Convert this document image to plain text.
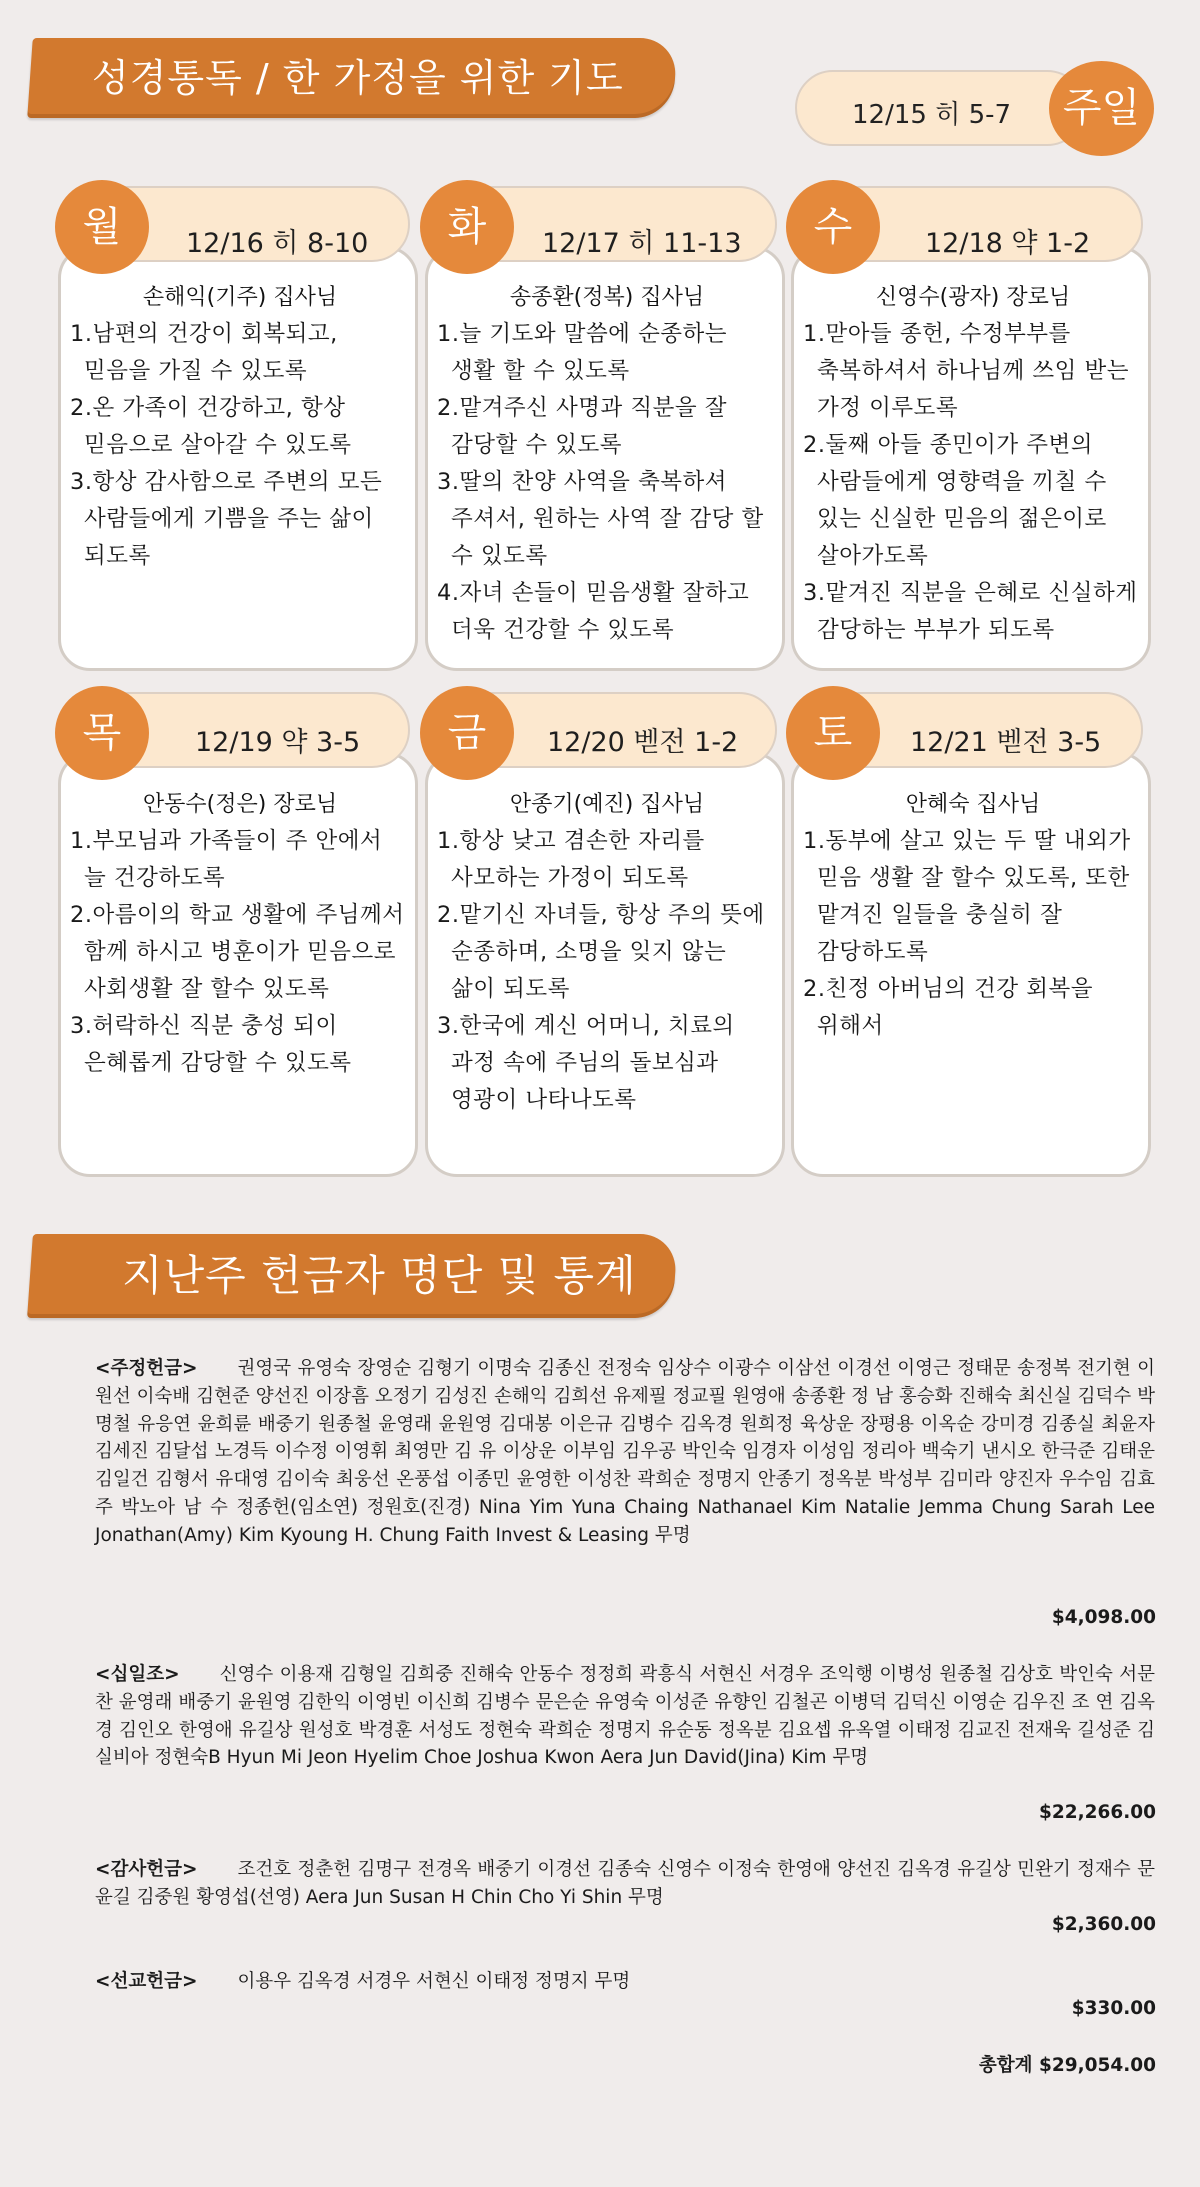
성경통독 / 한 가정을 위한 기도
12/15 히 5-7	주일
월	12/16 히 8-10
손해익(기주) 집사님
1.남편의 건강이 회복되고, 믿음을 가질 수 있도록
2.온 가족이 건강하고, 항상 믿음으로 살아갈 수 있도록
3.항상 감사함으로 주변의 모든 사람들에게 기쁨을 주는 삶이 되도록
화	12/17 히 11-13
송종환(정복) 집사님
1.늘 기도와 말씀에 순종하는 생활 할 수 있도록
2.맡겨주신 사명과 직분을 잘 감당할 수 있도록
3.딸의 찬양 사역을 축복하셔 주셔서, 원하는 사역 잘 감당 할 수 있도록
4.자녀 손들이 믿음생활 잘하고 더욱 건강할 수 있도록
수	12/18 약 1-2
신영수(광자) 장로님
1.맏아들 종헌, 수정부부를 축복하셔서 하나님께 쓰임 받는 가정 이루도록
2.둘째 아들 종민이가 주변의 사람들에게 영향력을 끼칠 수 있는 신실한 믿음의 젊은이로 살아가도록
3.맡겨진 직분을 은혜로 신실하게 감당하는 부부가 되도록
목	12/19 약 3-5
안동수(정은) 장로님
1.부모님과 가족들이 주 안에서 늘 건강하도록
2.아름이의 학교 생활에 주님께서 함께 하시고 병훈이가 믿음으로 사회생활 잘 할수 있도록
3.허락하신 직분 충성 되이 은혜롭게 감당할 수 있도록
금	12/20 벧전 1-2
안종기(예진) 집사님
1.항상 낮고 겸손한 자리를 사모하는 가정이 되도록
2.맡기신 자녀들, 항상 주의 뜻에 순종하며, 소명을 잊지 않는 삶이 되도록
3.한국에 계신 어머니, 치료의 과정 속에 주님의 돌보심과 영광이 나타나도록
토	12/21 벧전 3-5
안혜숙 집사님
1.동부에 살고 있는 두 딸 내외가 믿음 생활 잘 할수 있도록, 또한 맡겨진 일들을 충실히 잘 감당하도록
2.친정 아버님의 건강 회복을 위해서
지난주 헌금자 명단 및 통계
<주정헌금> 권영국 유영숙 장영순 김형기 이명숙 김종신 전정숙 임상수 이광수 이삼선 이경선 이영근 정태문 송정복 전기현 이원선 이숙배 김현준 양선진 이장흠 오정기 김성진 손해익 김희선 유제필 정교필 원영애 송종환 정 남 홍승화 진해숙 최신실 김덕수 박명철 유응연 윤희륜 배중기 원종철 윤영래 윤원영 김대봉 이은규 김병수 김옥경 원희정 육상운 장평용 이옥순 강미경 김종실 최윤자 김세진 김달섭 노경득 이수정 이영휘 최영만 김 유 이상운 이부임 김우공 박인숙 임경자 이성임 정리아 백숙기 낸시오 한극준 김태운 김일건 김형서 유대영 김이숙 최웅선 온풍섭 이종민 윤영한 이성찬 곽희순 정명지 안종기 정옥분 박성부 김미라 양진자 우수임 김효주 박노아 남 수 정종헌(임소연) 정원호(진경) Nina Yim Yuna Chaing Nathanael Kim Natalie Jemma Chung Sarah Lee Jonathan(Amy) Kim Kyoung H. Chung Faith Invest & Leasing 무명
$4,098.00
<십일조> 신영수 이용재 김형일 김희중 진해숙 안동수 정정희 곽흥식 서현신 서경우 조익행 이병성 원종철 김상호 박인숙 서문찬 윤영래 배중기 윤원영 김한익 이영빈 이신희 김병수 문은순 유영숙 이성준 유향인 김철곤 이병덕 김덕신 이영순 김우진 조 연 김옥경 김인오 한영애 유길상 원성호 박경훈 서성도 정현숙 곽희순 정명지 유순동 정옥분 김요셉 유옥열 이태정 김교진 전재욱 길성준 김실비아 정현숙B Hyun Mi Jeon Hyelim Choe Joshua Kwon Aera Jun David(Jina) Kim 무명
$22,266.00
<감사헌금> 조건호 정춘헌 김명구 전경옥 배중기 이경선 김종숙 신영수 이정숙 한영애 양선진 김옥경 유길상 민완기 정재수 문윤길 김중원 황영섭(선영) Aera Jun Susan H Chin Cho Yi Shin 무명
$2,360.00
<선교헌금> 이용우 김옥경 서경우 서현신 이태정 정명지 무명
$330.00
총합계 $29,054.00
